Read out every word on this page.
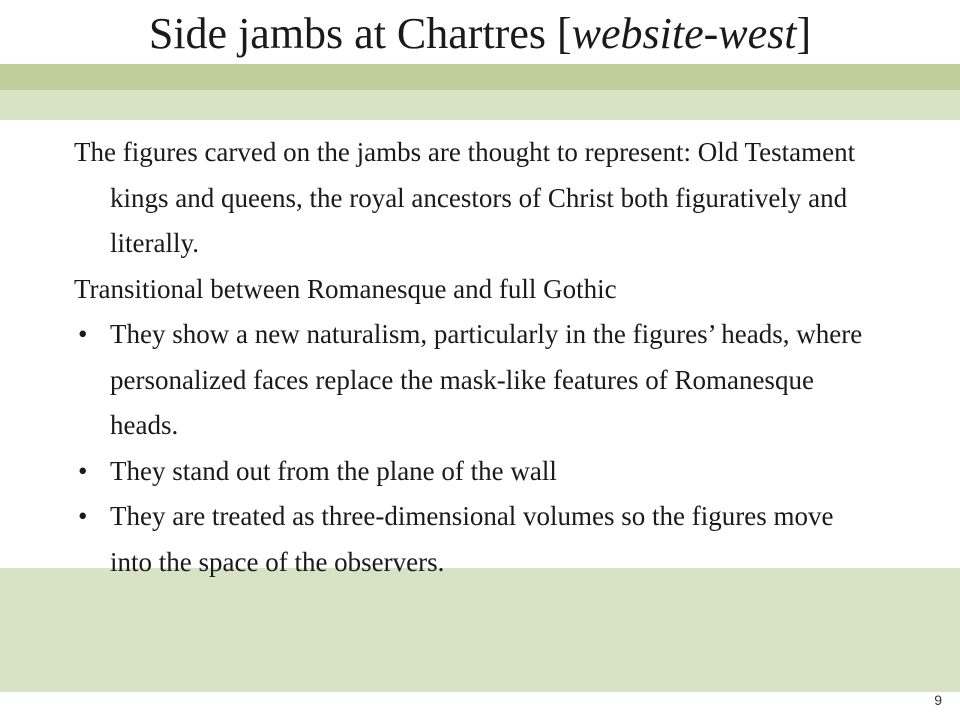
Side jambs at Chartres [website-west]

The figures carved on the jambs are thought to represent: Old Testament kings and queens, the royal ancestors of Christ both figuratively and literally.

Transitional between Romanesque and full Gothic

• They show a new naturalism, particularly in the figures’ heads, where personalized faces replace the mask-like features of Romanesque heads.

• They stand out from the plane of the wall

• They are treated as three-dimensional volumes so the figures move into the space of the observers.

9
